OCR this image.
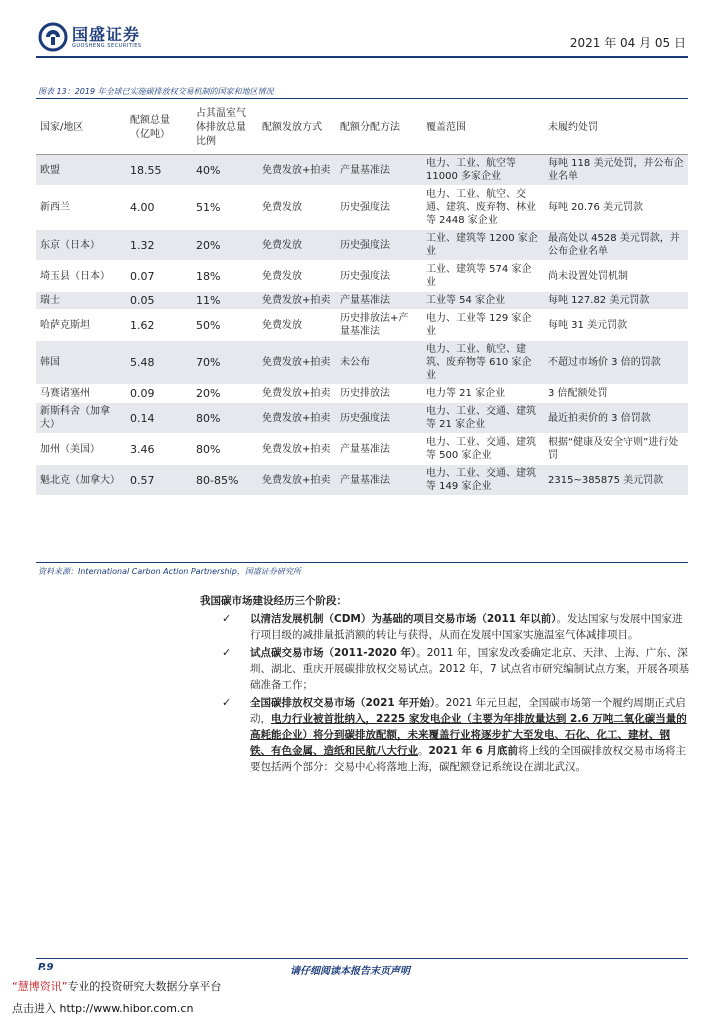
国盛证券
GUOSHENG SECURITIES	2021 年 04 月 05 日
图表 13：2019 年全球已实施碳排放权交易机制的国家和地区情况
国家/地区	配额总量（亿吨）	占其温室气体排放总量比例	配额发放方式	配额分配方法	覆盖范围	未履约处罚
欧盟	18.55	40%	免费发放+拍卖	产量基准法	电力、工业、航空等11000 多家企业	每吨 118 美元处罚，并公布企业名单
新西兰	4.00	51%	免费发放	历史强度法	电力、工业、航空、交通、建筑、废弃物、林业等 2448 家企业	每吨 20.76 美元罚款
东京（日本）	1.32	20%	免费发放	历史强度法	工业、建筑等 1200 家企业	最高处以 4528 美元罚款，并公布企业名单
埼玉县（日本）	0.07	18%	免费发放	历史强度法	工业、建筑等 574 家企业	尚未设置处罚机制
瑞士	0.05	11%	免费发放+拍卖	产量基准法	工业等 54 家企业	每吨 127.82 美元罚款
哈萨克斯坦	1.62	50%	免费发放	历史排放法+产量基准法	电力、工业等 129 家企业	每吨 31 美元罚款
韩国	5.48	70%	免费发放+拍卖	未公布	电力、工业、航空、建筑、废弃物等 610 家企业	不超过市场价 3 倍的罚款
马赛诸塞州	0.09	20%	免费发放+拍卖	历史排放法	电力等 21 家企业	3 倍配额处罚
新斯科舍（加拿大）	0.14	80%	免费发放+拍卖	历史强度法	电力、工业、交通、建筑等 21 家企业	最近拍卖价的 3 倍罚款
加州（美国）	3.46	80%	免费发放+拍卖	产量基准法	电力、工业、交通、建筑等 500 家企业	根据“健康及安全守则”进行处罚
魁北克（加拿大）	0.57	80-85%	免费发放+拍卖	产量基准法	电力、工业、交通、建筑等 149 家企业	2315~385875 美元罚款
资料来源：International Carbon Action Partnership，国盛证券研究所
我国碳市场建设经历三个阶段：
✓ 以清洁发展机制（CDM）为基础的项目交易市场（2011 年以前）。发达国家与发展中国家进行项目级的减排量抵消额的转让与获得，从而在发展中国家实施温室气体减排项目。
✓ 试点碳交易市场（2011-2020 年）。2011 年，国家发改委确定北京、天津、上海、广东、深圳、湖北、重庆开展碳排放权交易试点。2012 年，7 试点省市研究编制试点方案，开展各项基础准备工作；
✓ 全国碳排放权交易市场（2021 年开始）。2021 年元旦起，全国碳市场第一个履约周期正式启动，电力行业被首批纳入，2225 家发电企业（主要为年排放量达到 2.6 万吨二氧化碳当量的高耗能企业）将分到碳排放配额，未来覆盖行业将逐步扩大至发电、石化、化工、建材、钢铁、有色金属、造纸和民航八大行业。2021 年 6 月底前将上线的全国碳排放权交易市场将主要包括两个部分：交易中心将落地上海，碳配额登记系统设在湖北武汉。
P.9	请仔细阅读本报告末页声明
“慧博资讯”专业的投资研究大数据分享平台
点击进入 http://www.hibor.com.cn
